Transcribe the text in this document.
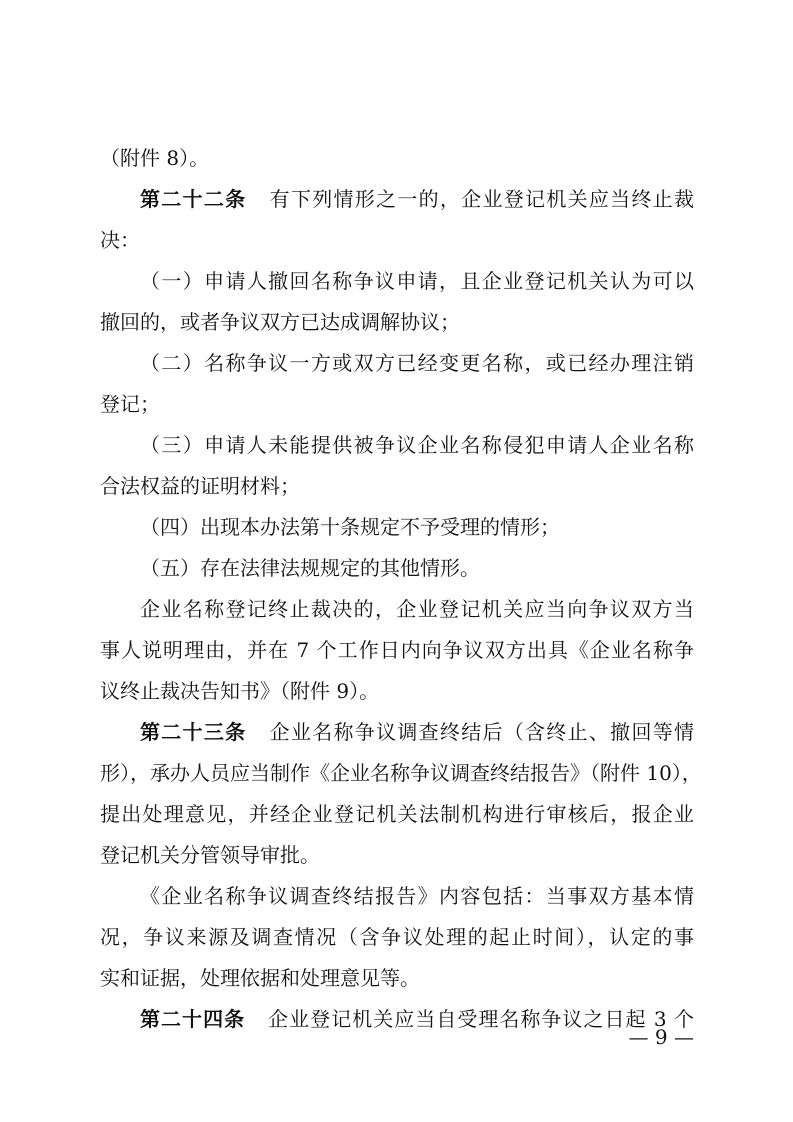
（附件 8）。
第二十二条 有下列情形之一的，企业登记机关应当终止裁
决：
（一）申请人撤回名称争议申请，且企业登记机关认为可以
撤回的，或者争议双方已达成调解协议；
（二）名称争议一方或双方已经变更名称，或已经办理注销
登记；
（三）申请人未能提供被争议企业名称侵犯申请人企业名称
合法权益的证明材料；
（四）出现本办法第十条规定不予受理的情形；
（五）存在法律法规规定的其他情形。
企业名称登记终止裁决的，企业登记机关应当向争议双方当
事人说明理由，并在 7 个工作日内向争议双方出具《企业名称争
议终止裁决告知书》（附件 9）。
第二十三条 企业名称争议调查终结后（含终止、撤回等情
形），承办人员应当制作《企业名称争议调查终结报告》（附件 10），
提出处理意见，并经企业登记机关法制机构进行审核后，报企业
登记机关分管领导审批。
《企业名称争议调查终结报告》内容包括：当事双方基本情
况，争议来源及调查情况（含争议处理的起止时间），认定的事
实和证据，处理依据和处理意见等。
第二十四条 企业登记机关应当自受理名称争议之日起 3 个
— 9 —
